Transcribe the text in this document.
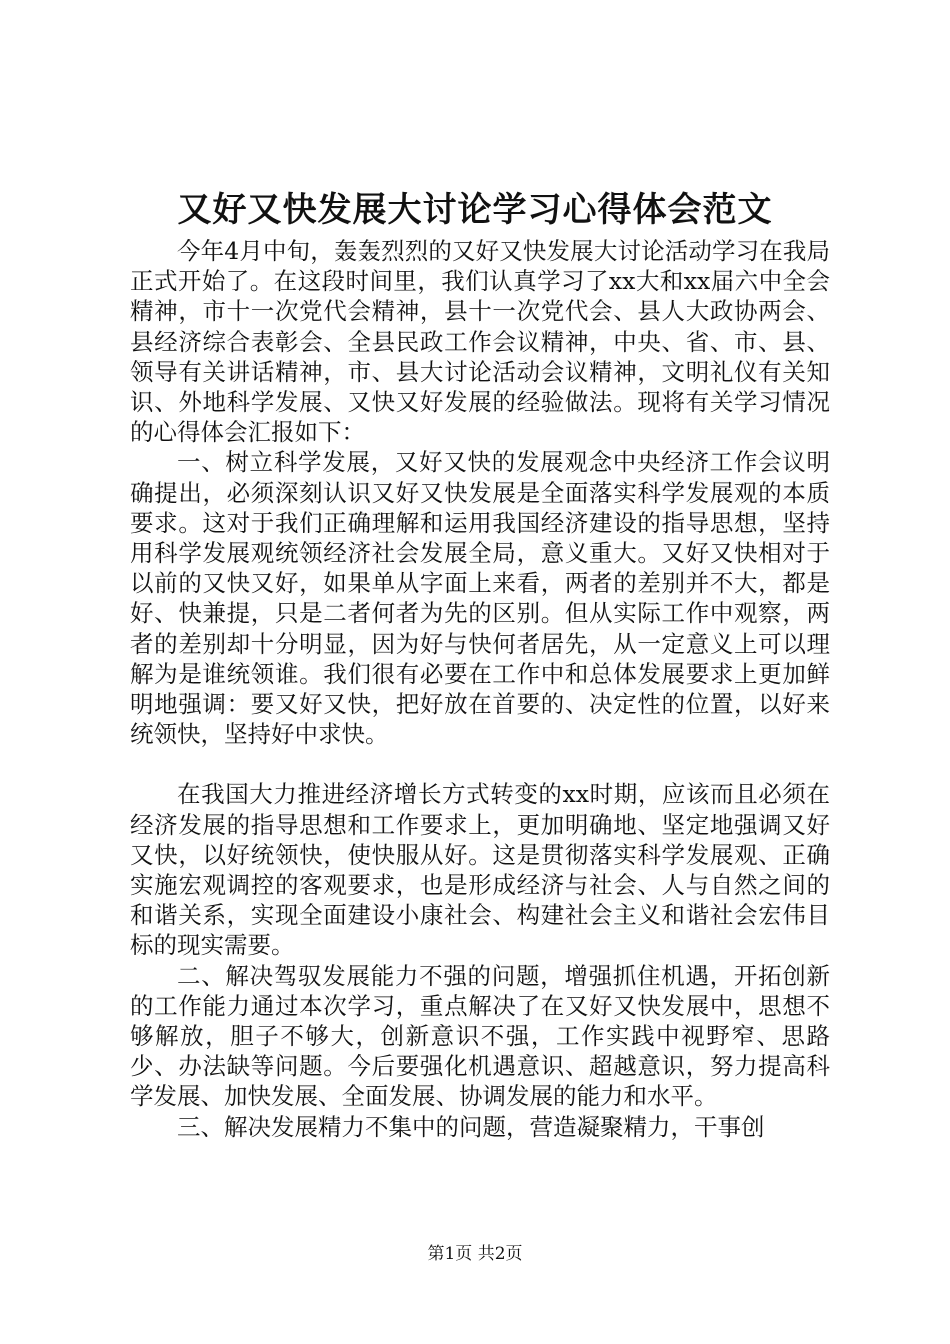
又好又快发展大讨论学习心得体会范文

今年4月中旬，轰轰烈烈的又好又快发展大讨论活动学习在我局正式开始了。在这段时间里，我们认真学习了xx大和xx届六中全会精神，市十一次党代会精神，县十一次党代会、县人大政协两会、县经济综合表彰会、全县民政工作会议精神，中央、省、市、县、领导有关讲话精神，市、县大讨论活动会议精神，文明礼仪有关知识、外地科学发展、又快又好发展的经验做法。现将有关学习情况的心得体会汇报如下：

一、树立科学发展，又好又快的发展观念中央经济工作会议明确提出，必须深刻认识又好又快发展是全面落实科学发展观的本质要求。这对于我们正确理解和运用我国经济建设的指导思想，坚持用科学发展观统领经济社会发展全局，意义重大。又好又快相对于以前的又快又好，如果单从字面上来看，两者的差别并不大，都是好、快兼提，只是二者何者为先的区别。但从实际工作中观察，两者的差别却十分明显，因为好与快何者居先，从一定意义上可以理解为是谁统领谁。我们很有必要在工作中和总体发展要求上更加鲜明地强调：要又好又快，把好放在首要的、决定性的位置，以好来统领快，坚持好中求快。

在我国大力推进经济增长方式转变的xx时期，应该而且必须在经济发展的指导思想和工作要求上，更加明确地、坚定地强调又好又快，以好统领快，使快服从好。这是贯彻落实科学发展观、正确实施宏观调控的客观要求，也是形成经济与社会、人与自然之间的和谐关系，实现全面建设小康社会、构建社会主义和谐社会宏伟目标的现实需要。

二、解决驾驭发展能力不强的问题，增强抓住机遇，开拓创新的工作能力通过本次学习，重点解决了在又好又快发展中，思想不够解放，胆子不够大，创新意识不强，工作实践中视野窄、思路少、办法缺等问题。今后要强化机遇意识、超越意识，努力提高科学发展、加快发展、全面发展、协调发展的能力和水平。

三、解决发展精力不集中的问题，营造凝聚精力，干事创

第1页 共2页
